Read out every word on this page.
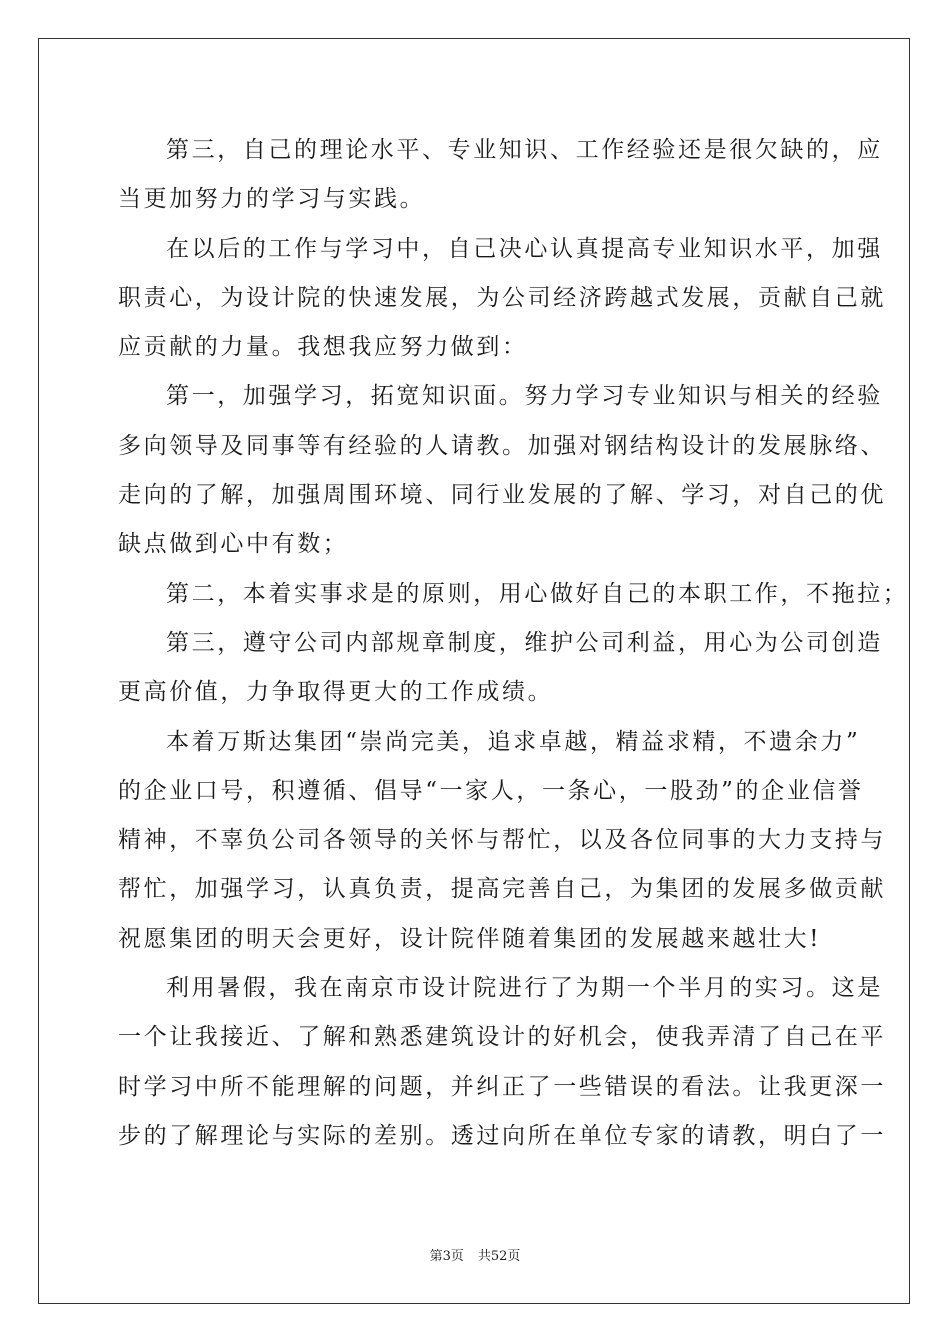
第三，自己的理论水平、专业知识、工作经验还是很欠缺的，应
当更加努力的学习与实践。
在以后的工作与学习中，自己决心认真提高专业知识水平，加强
职责心，为设计院的快速发展，为公司经济跨越式发展，贡献自己就
应贡献的力量。我想我应努力做到：
第一，加强学习，拓宽知识面。努力学习专业知识与相关的经验
多向领导及同事等有经验的人请教。加强对钢结构设计的发展脉络、
走向的了解，加强周围环境、同行业发展的了解、学习，对自己的优
缺点做到心中有数；
第二，本着实事求是的原则，用心做好自己的本职工作，不拖拉；
第三，遵守公司内部规章制度，维护公司利益，用心为公司创造
更高价值，力争取得更大的工作成绩。
本着万斯达集团“崇尚完美，追求卓越，精益求精，不遗余力”
的企业口号，积遵循、倡导“一家人，一条心，一股劲”的企业信誉
精神，不辜负公司各领导的关怀与帮忙，以及各位同事的大力支持与
帮忙，加强学习，认真负责，提高完善自己，为集团的发展多做贡献
祝愿集团的明天会更好，设计院伴随着集团的发展越来越壮大!
利用暑假，我在南京市设计院进行了为期一个半月的实习。这是
一个让我接近、了解和熟悉建筑设计的好机会，使我弄清了自己在平
时学习中所不能理解的问题，并纠正了一些错误的看法。让我更深一
步的了解理论与实际的差别。透过向所在单位专家的请教，明白了一
第3页 共52页
